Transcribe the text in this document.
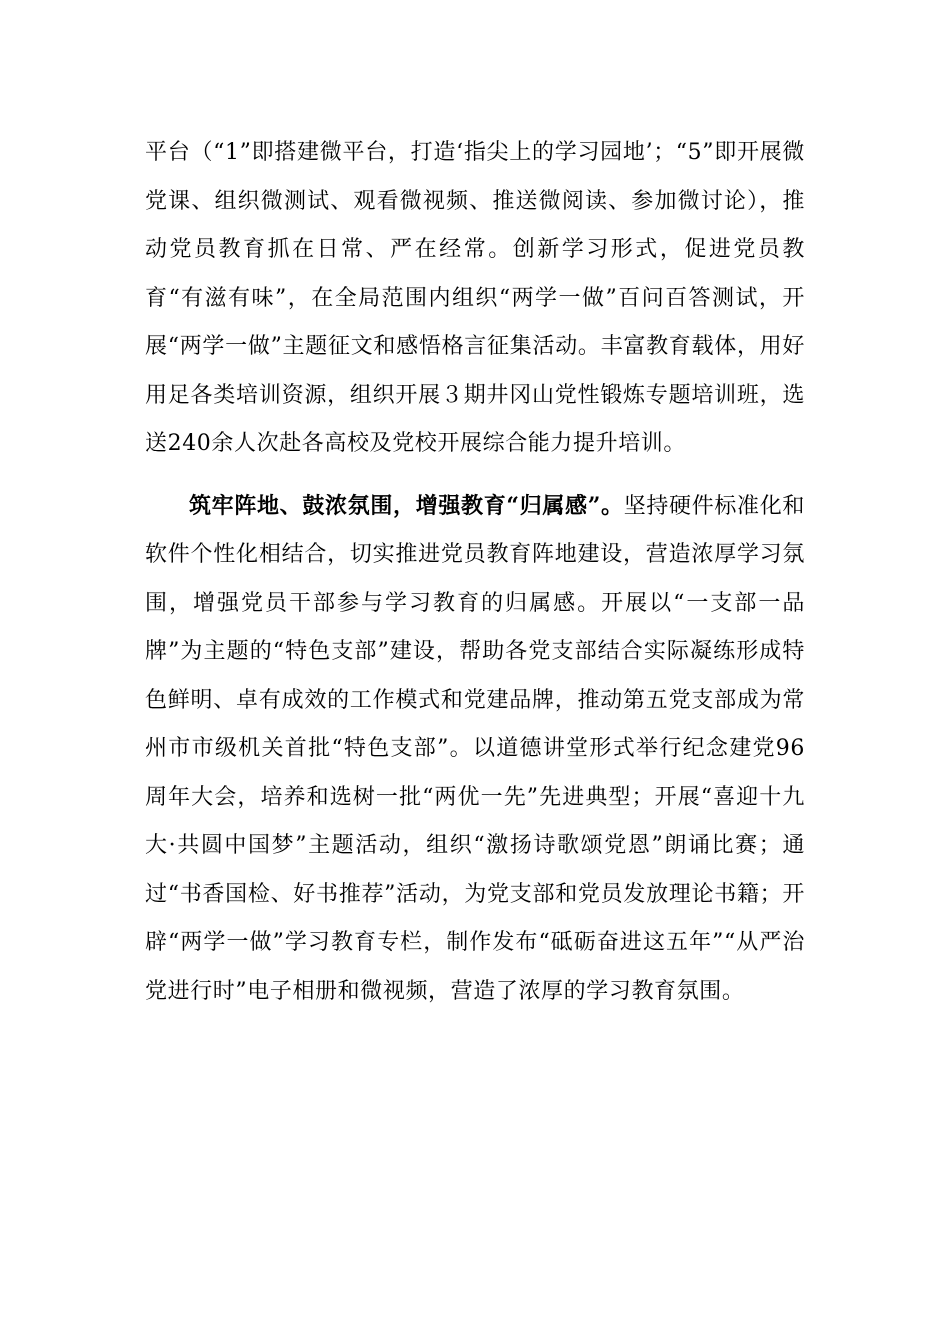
平台（“1”即搭建微平台，打造‘指尖上的学习园地’；“5”即开展微党课、组织微测试、观看微视频、推送微阅读、参加微讨论），推动党员教育抓在日常、严在经常。创新学习形式，促进党员教育“有滋有味”，在全局范围内组织“两学一做”百问百答测试，开展“两学一做”主题征文和感悟格言征集活动。丰富教育载体，用好用足各类培训资源，组织开展３期井冈山党性锻炼专题培训班，选送240余人次赴各高校及党校开展综合能力提升培训。

筑牢阵地、鼓浓氛围，增强教育“归属感”。坚持硬件标准化和软件个性化相结合，切实推进党员教育阵地建设，营造浓厚学习氛围，增强党员干部参与学习教育的归属感。开展以“一支部一品牌”为主题的“特色支部”建设，帮助各党支部结合实际凝练形成特色鲜明、卓有成效的工作模式和党建品牌，推动第五党支部成为常州市市级机关首批“特色支部”。以道德讲堂形式举行纪念建党96周年大会，培养和选树一批“两优一先”先进典型；开展“喜迎十九大·共圆中国梦”主题活动，组织“激扬诗歌颂党恩”朗诵比赛；通过“书香国检、好书推荐”活动，为党支部和党员发放理论书籍；开辟“两学一做”学习教育专栏，制作发布“砥砺奋进这五年”“从严治党进行时”电子相册和微视频，营造了浓厚的学习教育氛围。
